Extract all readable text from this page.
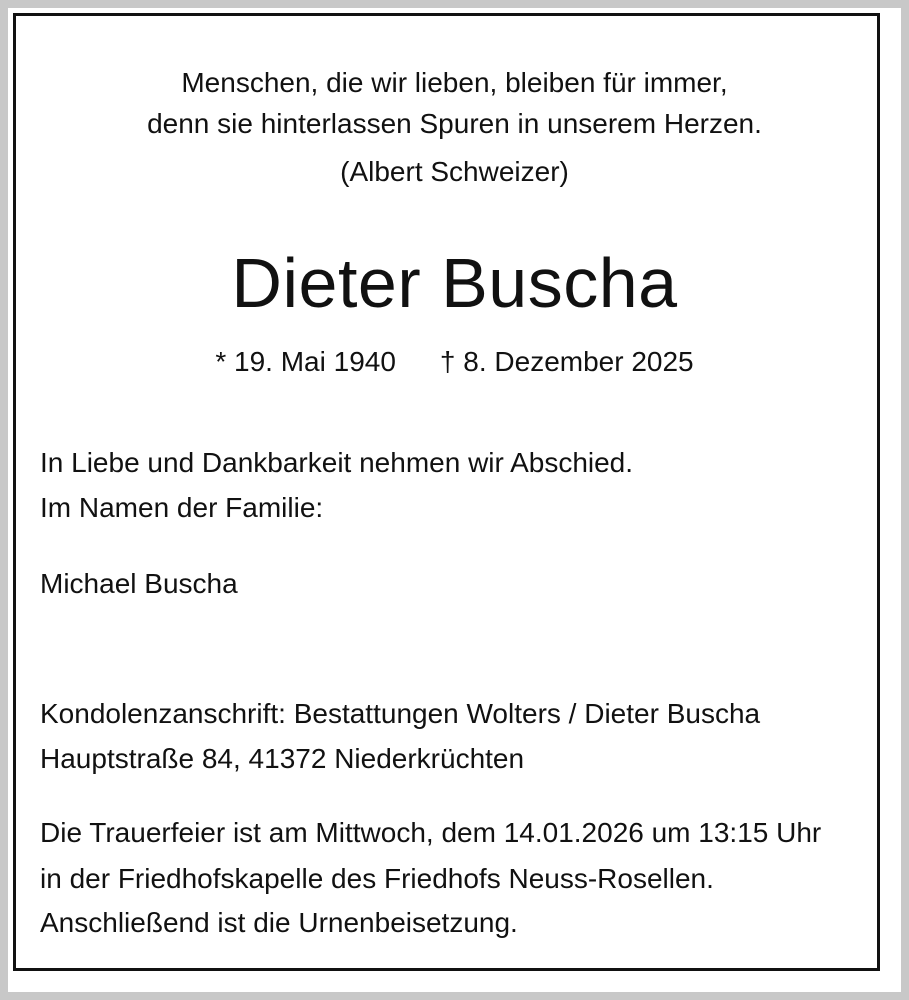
Menschen, die wir lieben, bleiben für immer,

denn sie hinterlassen Spuren in unserem Herzen.

(Albert Schweizer)

Dieter Buscha

* 19. Mai 1940 † 8. Dezember 2025

In Liebe und Dankbarkeit nehmen wir Abschied.

Im Namen der Familie:

Michael Buscha

Kondolenzanschrift: Bestattungen Wolters / Dieter Buscha

Hauptstraße 84, 41372 Niederkrüchten

Die Trauerfeier ist am Mittwoch, dem 14.01.2026 um 13:15 Uhr

in der Friedhofskapelle des Friedhofs Neuss-Rosellen.

Anschließend ist die Urnenbeisetzung.
